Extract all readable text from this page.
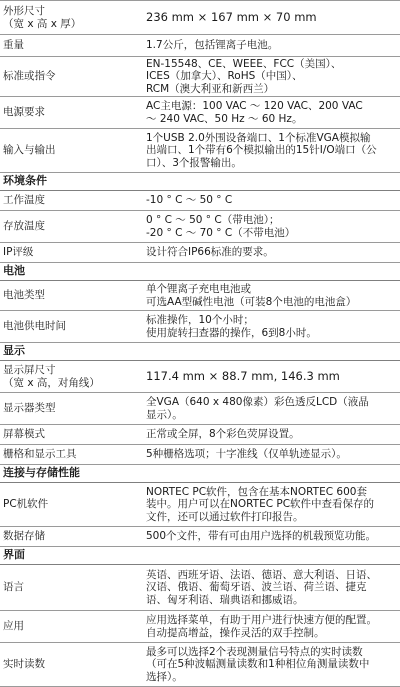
外形尺寸
（宽 x 高 x 厚）	236 mm × 167 mm × 70 mm
重量	1.7公斤，包括锂离子电池。
标准或指令	EN-15548、CE、WEEE、FCC（美国）、
ICES（加拿大）、RoHS（中国）、
RCM（澳大利亚和新西兰）
电源要求	AC主电源：100 VAC ～ 120 VAC、200 VAC
～ 240 VAC、50 Hz ～ 60 Hz。
输入与输出	1个USB 2.0外围设备端口、1个标准VGA模拟输
出端口、1个带有6个模拟输出的15针I/O端口（公
口）、3个报警输出。
环境条件	
工作温度	-10 ° C ～ 50 ° C
存放温度	0 ° C ～ 50 ° C（带电池）；
-20 ° C ～ 70 ° C（不带电池）
IP评级	设计符合IP66标准的要求。
电池	
电池类型	单个锂离子充电电池或
可选AA型碱性电池（可装8个电池的电池盒）
电池供电时间	标准操作，10个小时；
使用旋转扫查器的操作，6到8小时。
显示	
显示屏尺寸
（宽 x 高，对角线）	117.4 mm × 88.7 mm, 146.3 mm
显示器类型	全VGA（640 x 480像素）彩色透反LCD（液晶
显示）。
屏幕模式	正常或全屏，8个彩色荧屏设置。
栅格和显示工具	5种栅格选项；十字准线（仅单轨迹显示）。
连接与存储性能	
PC机软件	NORTEC PC软件，包含在基本NORTEC 600套
装中。用户可以在NORTEC PC软件中查看保存的
文件，还可以通过软件打印报告。
数据存储	500个文件，带有可由用户选择的机载预览功能。
界面	
语言	英语、西班牙语、法语、德语、意大利语、日语、
汉语、俄语、葡萄牙语、波兰语、荷兰语、捷克
语、匈牙利语、瑞典语和挪威语。
应用	应用选择菜单，有助于用户进行快速方便的配置。
自动提高增益，操作灵活的双手控制。
实时读数	最多可以选择2个表现测量信号特点的实时读数
（可在5种波幅测量读数和1种相位角测量读数中
选择）。
